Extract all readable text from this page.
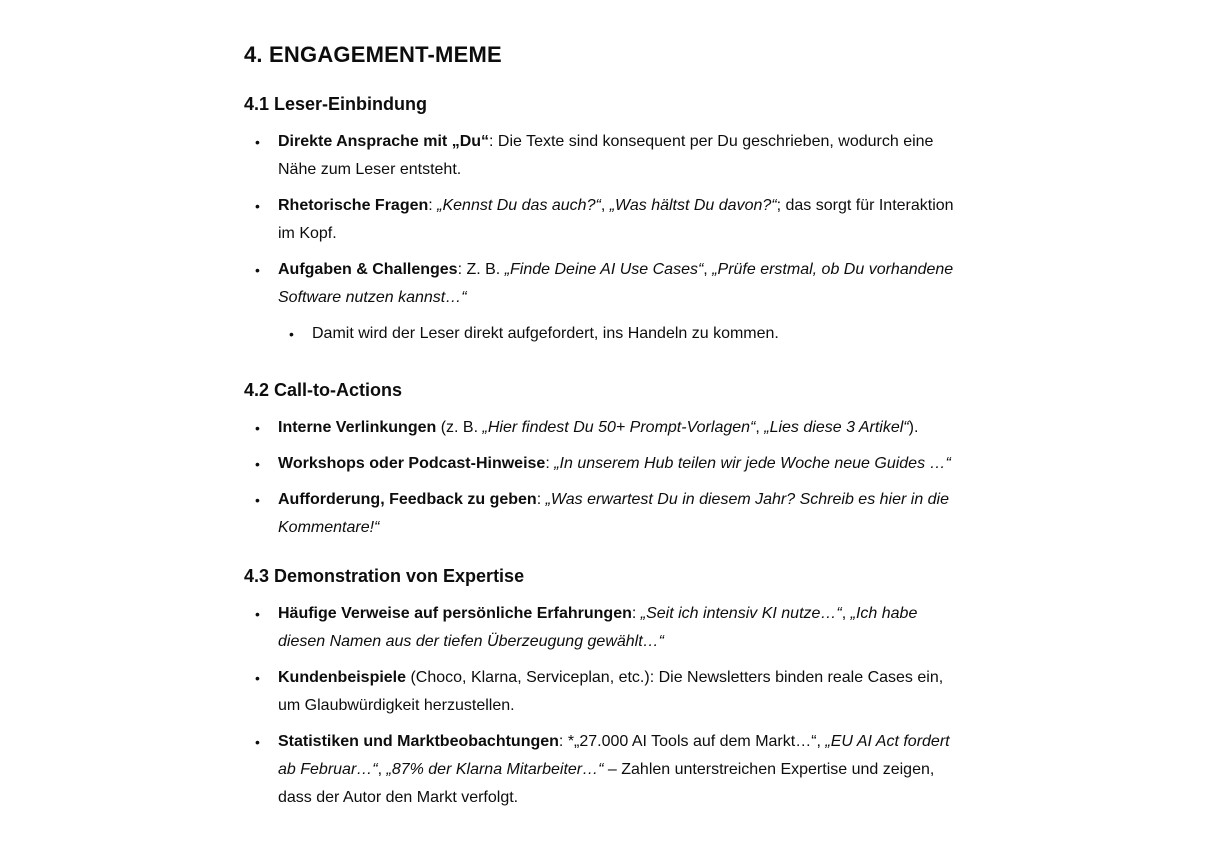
4. ENGAGEMENT-MEME
4.1 Leser-Einbindung
•	Direkte Ansprache mit „Du“: Die Texte sind konsequent per Du geschrieben, wodurch eine Nähe zum Leser entsteht.
•	Rhetorische Fragen: „Kennst Du das auch?“, „Was hältst Du davon?“; das sorgt für Interaktion im Kopf.
•	Aufgaben & Challenges: Z. B. „Finde Deine AI Use Cases“, „Prüfe erstmal, ob Du vorhandene Software nutzen kannst…“
•	Damit wird der Leser direkt aufgefordert, ins Handeln zu kommen.
4.2 Call-to-Actions
•	Interne Verlinkungen (z. B. „Hier findest Du 50+ Prompt-Vorlagen“, „Lies diese 3 Artikel“).
•	Workshops oder Podcast-Hinweise: „In unserem Hub teilen wir jede Woche neue Guides …“
•	Aufforderung, Feedback zu geben: „Was erwartest Du in diesem Jahr? Schreib es hier in die Kommentare!“
4.3 Demonstration von Expertise
•	Häufige Verweise auf persönliche Erfahrungen: „Seit ich intensiv KI nutze…“, „Ich habe diesen Namen aus der tiefen Überzeugung gewählt…“
•	Kundenbeispiele (Choco, Klarna, Serviceplan, etc.): Die Newsletters binden reale Cases ein, um Glaubwürdigkeit herzustellen.
•	Statistiken und Marktbeobachtungen: *„27.000 AI Tools auf dem Markt…“, „EU AI Act fordert ab Februar…“, „87% der Klarna Mitarbeiter…“ – Zahlen unterstreichen Expertise und zeigen, dass der Autor den Markt verfolgt.
